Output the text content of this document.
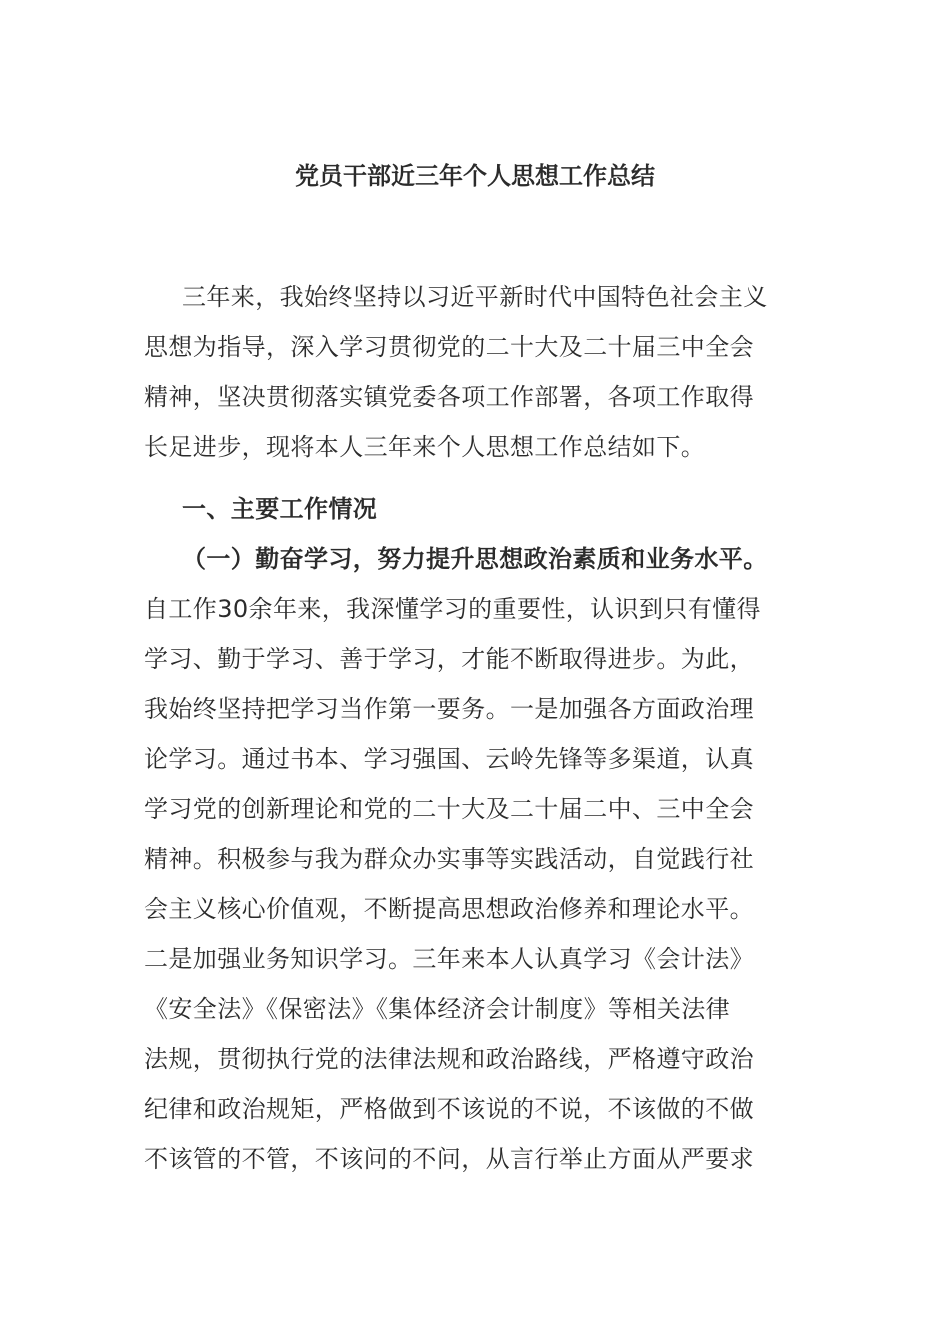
党员干部近三年个人思想工作总结
三年来，我始终坚持以习近平新时代中国特色社会主义
思想为指导，深入学习贯彻党的二十大及二十届三中全会
精神，坚决贯彻落实镇党委各项工作部署，各项工作取得
长足进步，现将本人三年来个人思想工作总结如下。
一、主要工作情况
（一）勤奋学习，努力提升思想政治素质和业务水平。
自工作30余年来，我深懂学习的重要性，认识到只有懂得
学习、勤于学习、善于学习，才能不断取得进步。为此，
我始终坚持把学习当作第一要务。一是加强各方面政治理
论学习。通过书本、学习强国、云岭先锋等多渠道，认真
学习党的创新理论和党的二十大及二十届二中、三中全会
精神。积极参与我为群众办实事等实践活动，自觉践行社
会主义核心价值观，不断提高思想政治修养和理论水平。
二是加强业务知识学习。三年来本人认真学习《会计法》
《安全法》《保密法》《集体经济会计制度》等相关法律
法规，贯彻执行党的法律法规和政治路线，严格遵守政治
纪律和政治规矩，严格做到不该说的不说，不该做的不做
不该管的不管，不该问的不问，从言行举止方面从严要求
